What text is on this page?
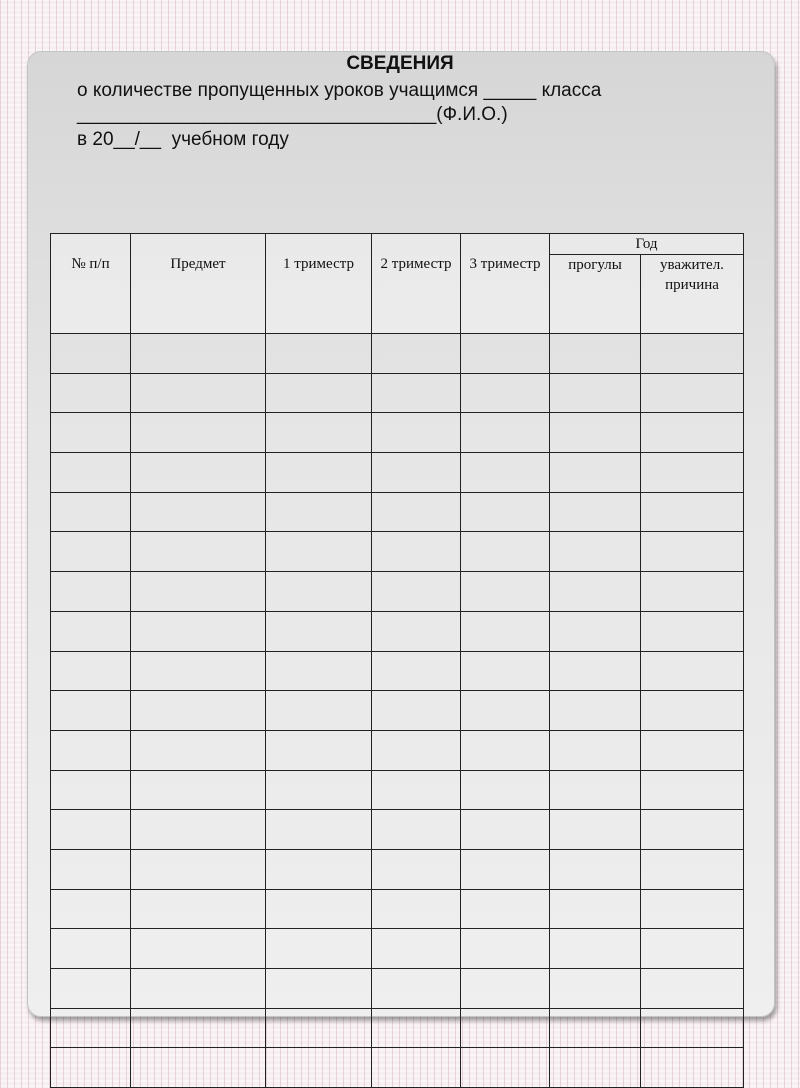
СВЕДЕНИЯ
о количестве пропущенных уроков учащимся _____ класса
__________________________________(Ф.И.О.)
в 20__/__  учебном году
№ п/п	Предмет	1 триместр	2 триместр	3 триместр	Год	
					прогулы	уважител. причина
